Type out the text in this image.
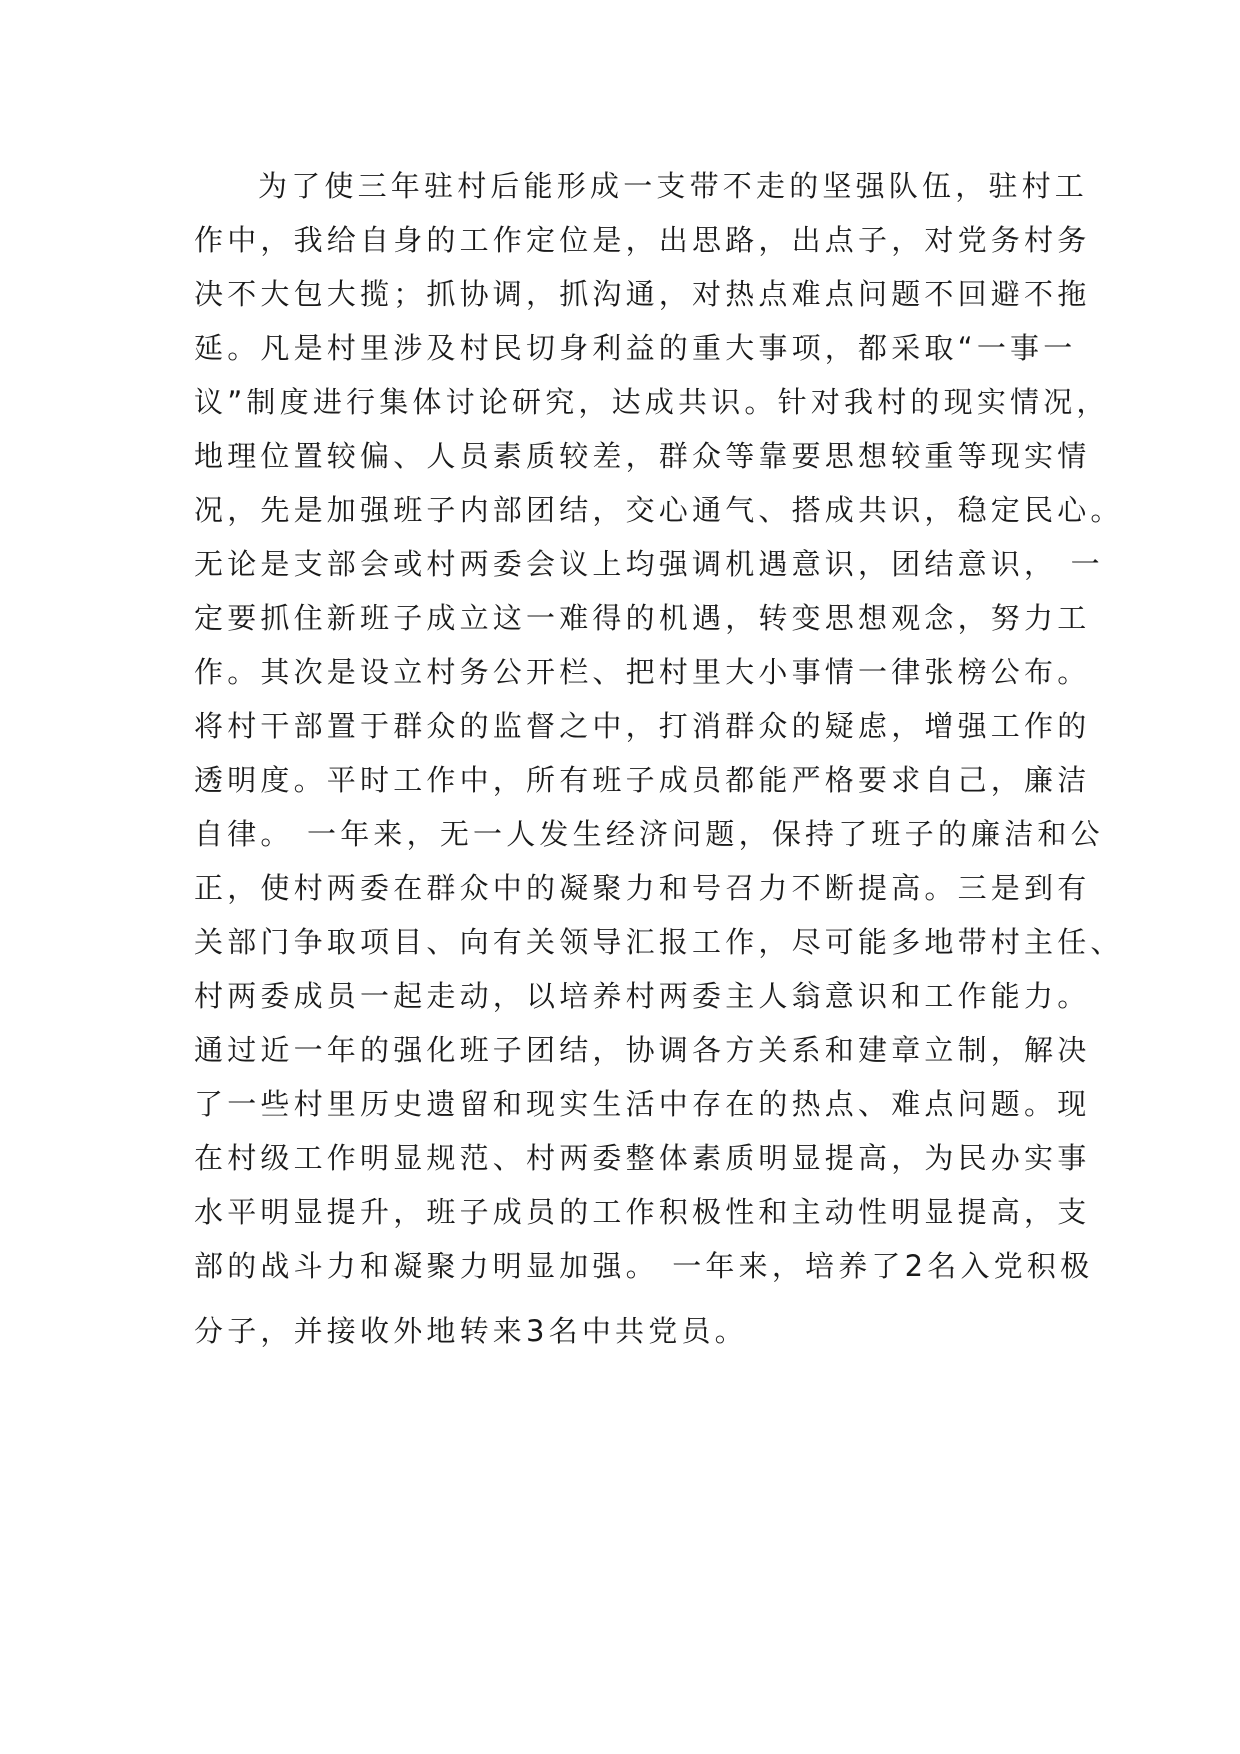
为了使三年驻村后能形成一支带不走的坚强队伍，驻村工
作中，我给自身的工作定位是，出思路，出点子，对党务村务
决不大包大揽；抓协调，抓沟通，对热点难点问题不回避不拖
延。凡是村里涉及村民切身利益的重大事项，都采取“一事一
议”制度进行集体讨论研究，达成共识。针对我村的现实情况，
地理位置较偏、人员素质较差，群众等靠要思想较重等现实情
况，先是加强班子内部团结，交心通气、搭成共识，稳定民心。
无论是支部会或村两委会议上均强调机遇意识，团结意识， 一
定要抓住新班子成立这一难得的机遇，转变思想观念，努力工
作。其次是设立村务公开栏、把村里大小事情一律张榜公布。
将村干部置于群众的监督之中，打消群众的疑虑，增强工作的
透明度。平时工作中，所有班子成员都能严格要求自己，廉洁
自律。 一年来，无一人发生经济问题，保持了班子的廉洁和公
正，使村两委在群众中的凝聚力和号召力不断提高。三是到有
关部门争取项目、向有关领导汇报工作，尽可能多地带村主任、
村两委成员一起走动，以培养村两委主人翁意识和工作能力。
通过近一年的强化班子团结，协调各方关系和建章立制，解决
了一些村里历史遗留和现实生活中存在的热点、难点问题。现
在村级工作明显规范、村两委整体素质明显提高，为民办实事
水平明显提升，班子成员的工作积极性和主动性明显提高，支
部的战斗力和凝聚力明显加强。 一年来，培养了2名入党积极
分子，并接收外地转来3名中共党员。
